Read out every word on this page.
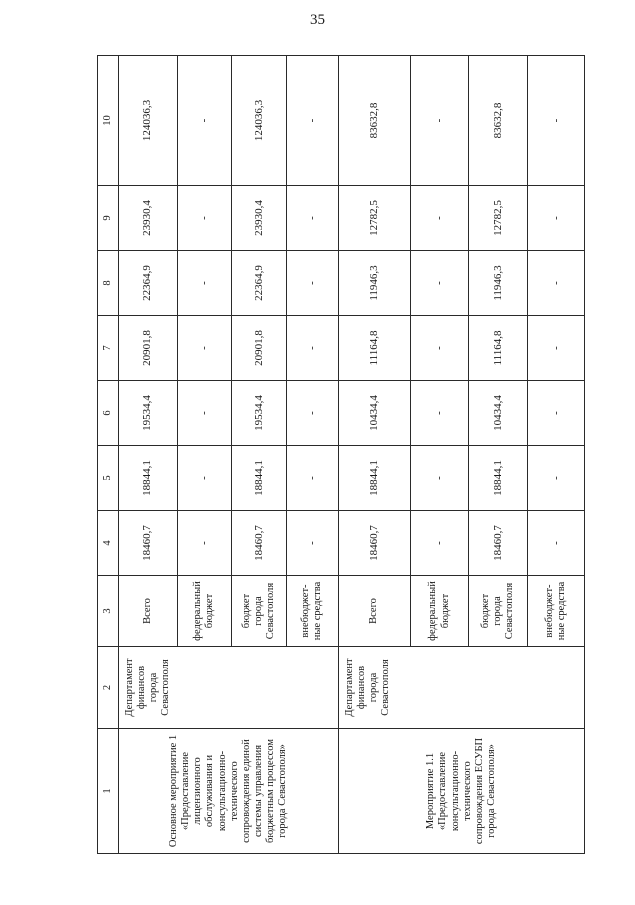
35
1	2	3	4	5	6	7	8	9	10
Основное мероприятие 1 «Предоставление лицензионного обслуживания и консультационно-технического сопровождения единой системы управления бюджетным процессом города Севастополя»	Департамент финансов города Севастополя	Всего	18460,7	18844,1	19534,4	20901,8	22364,9	23930,4	124036,3
		федеральный бюджет	-	-	-	-	-	-	-
		бюджет города Севастополя	18460,7	18844,1	19534,4	20901,8	22364,9	23930,4	124036,3
		внебюджет-ные средства	-	-	-	-	-	-	-
Мероприятие 1.1 «Предоставление консультационно-технического сопровождения ЕСУБП города Севастополя»	Департамент финансов города Севастополя	Всего	18460,7	18844,1	10434,4	11164,8	11946,3	12782,5	83632,8
		федеральный бюджет	-	-	-	-	-	-	-
		бюджет города Севастополя	18460,7	18844,1	10434,4	11164,8	11946,3	12782,5	83632,8
		внебюджет-ные средства	-	-	-	-	-	-	-
